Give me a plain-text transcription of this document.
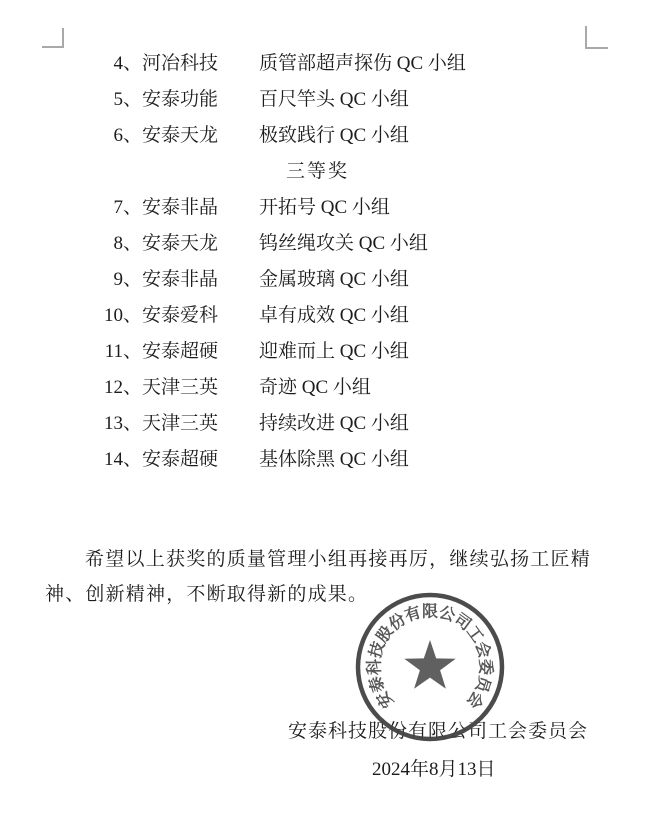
4、 河冶科技	质管部超声探伤 QC 小组
5、 安泰功能	百尺竿头 QC 小组
6、 安泰天龙	极致践行 QC 小组
三等奖
7、 安泰非晶	开拓号 QC 小组
8、 安泰天龙	钨丝绳攻关 QC 小组
9、 安泰非晶	金属玻璃 QC 小组
10、 安泰爱科	卓有成效 QC 小组
11、 安泰超硬	迎难而上 QC 小组
12、 天津三英	奇迹 QC 小组
13、 天津三英	持续改进 QC 小组
14、 安泰超硬	基体除黑 QC 小组

希望以上获奖的质量管理小组再接再厉，继续弘扬工匠精神、创新精神，不断取得新的成果。

安
泰
科
技
股
份
有
限
公
司
工
会
委
员
会
安泰科技股份有限公司工会委员会
2024年8月13日
